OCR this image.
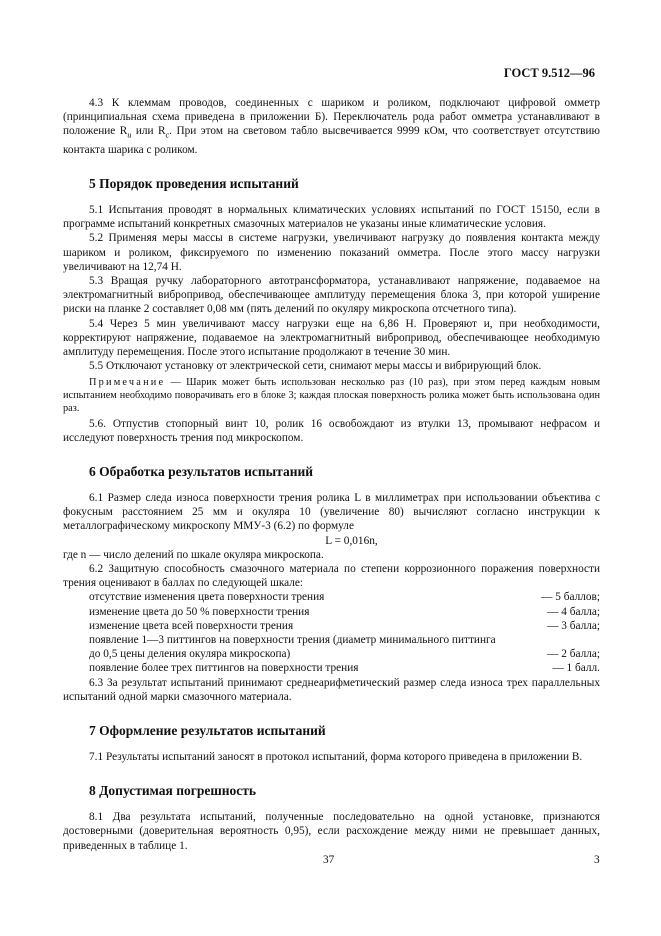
ГОСТ 9.512—96

4.3 К клеммам проводов, соединенных с шариком и роликом, подключают цифровой омметр (принципиальная схема приведена в приложении Б). Переключатель рода работ омметра устанавливают в положение $R_и$ или $R_с$. При этом на световом табло высвечивается 9999 кОм, что соответствует отсутствию контакта шарика с роликом.

5 Порядок проведения испытаний

5.1 Испытания проводят в нормальных климатических условиях испытаний по ГОСТ 15150, если в программе испытаний конкретных смазочных материалов не указаны иные климатические условия.

5.2 Применяя меры массы в системе нагрузки, увеличивают нагрузку до появления контакта между шариком и роликом, фиксируемого по изменению показаний омметра. После этого массу нагрузки увеличивают на 12,74 Н.

5.3 Вращая ручку лабораторного автотрансформатора, устанавливают напряжение, подаваемое на электромагнитный вибропривод, обеспечивающее амплитуду перемещения блока 3, при которой уширение риски на планке 2 составляет 0,08 мм (пять делений по окуляру микроскопа отсчетного типа).

5.4 Через 5 мин увеличивают массу нагрузки еще на 6,86 Н. Проверяют и, при необходимости, корректируют напряжение, подаваемое на электромагнитный вибропривод, обеспечивающее необходимую амплитуду перемещения. После этого испытание продолжают в течение 30 мин.

5.5 Отключают установку от электрической сети, снимают меры массы и вибрирующий блок.

Примечание — Шарик может быть использован несколько раз (10 раз), при этом перед каждым новым испытанием необходимо поворачивать его в блоке 3; каждая плоская поверхность ролика может быть использована один раз.

5.6. Отпустив стопорный винт 10, ролик 16 освобождают из втулки 13, промывают нефрасом и исследуют поверхность трения под микроскопом.

6 Обработка результатов испытаний

6.1 Размер следа износа поверхности трения ролика L в миллиметрах при использовании объектива с фокусным расстоянием 25 мм и окуляра 10 (увеличение 80) вычисляют согласно инструкции к металлографическому микроскопу ММУ-3 (6.2) по формуле

L = 0,016n,

где n — число делений по шкале окуляра микроскопа.

6.2 Защитную способность смазочного материала по степени коррозионного поражения поверхности трения оценивают в баллах по следующей шкале:

отсутствие изменения цвета поверхности трения	— 5 баллов;
изменение цвета до 50 % поверхности трения	— 4 балла;
изменение цвета всей поверхности трения	— 3 балла;
появление 1—3 питтингов на поверхности трения (диаметр минимального питтинга
до 0,5 цены деления окуляра микроскопа)	— 2 балла;
появление более трех питтингов на поверхности трения	— 1 балл.

6.3 За результат испытаний принимают среднеарифметический размер следа износа трех параллельных испытаний одной марки смазочного материала.

7 Оформление результатов испытаний

7.1 Результаты испытаний заносят в протокол испытаний, форма которого приведена в приложении В.

8 Допустимая погрешность

8.1 Два результата испытаний, полученные последовательно на одной установке, признаются достоверными (доверительная вероятность 0,95), если расхождение между ними не превышает данных, приведенных в таблице 1.

37	3
